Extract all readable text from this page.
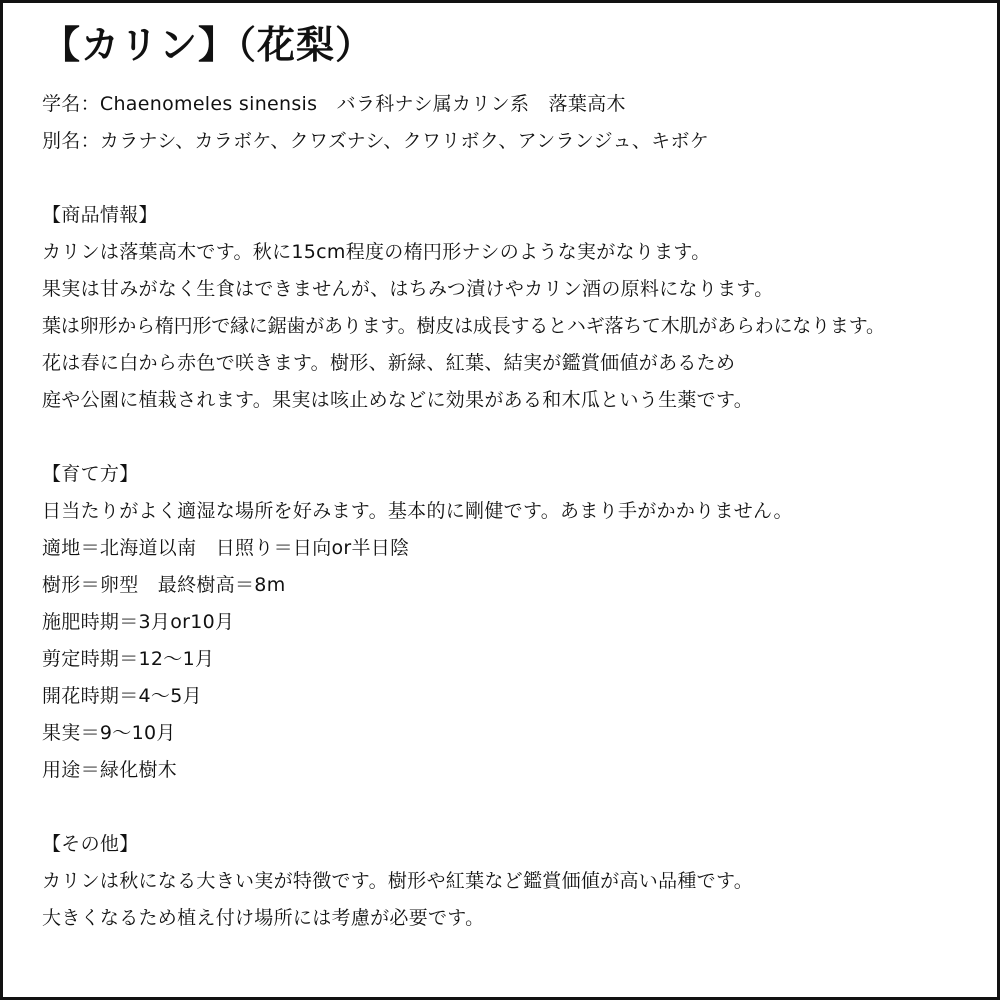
【カリン】（花梨）
学名：Chaenomeles sinensis　バラ科ナシ属カリン系　落葉高木
別名：カラナシ、カラボケ、クワズナシ、クワリボク、アンランジュ、キボケ
【商品情報】
カリンは落葉高木です。秋に15cm程度の楕円形ナシのような実がなります。
果実は甘みがなく生食はできませんが、はちみつ漬けやカリン酒の原料になります。
葉は卵形から楕円形で縁に鋸歯があります。樹皮は成長するとハギ落ちて木肌があらわになります。
花は春に白から赤色で咲きます。樹形、新緑、紅葉、結実が鑑賞価値があるため
庭や公園に植栽されます。果実は咳止めなどに効果がある和木瓜という生薬です。
【育て方】
日当たりがよく適湿な場所を好みます。基本的に剛健です。あまり手がかかりません。
適地＝北海道以南　日照り＝日向or半日陰
樹形＝卵型　最終樹高＝8m
施肥時期＝3月or10月
剪定時期＝12～1月
開花時期＝4～5月
果実＝9～10月
用途＝緑化樹木
【その他】
カリンは秋になる大きい実が特徴です。樹形や紅葉など鑑賞価値が高い品種です。
大きくなるため植え付け場所には考慮が必要です。
